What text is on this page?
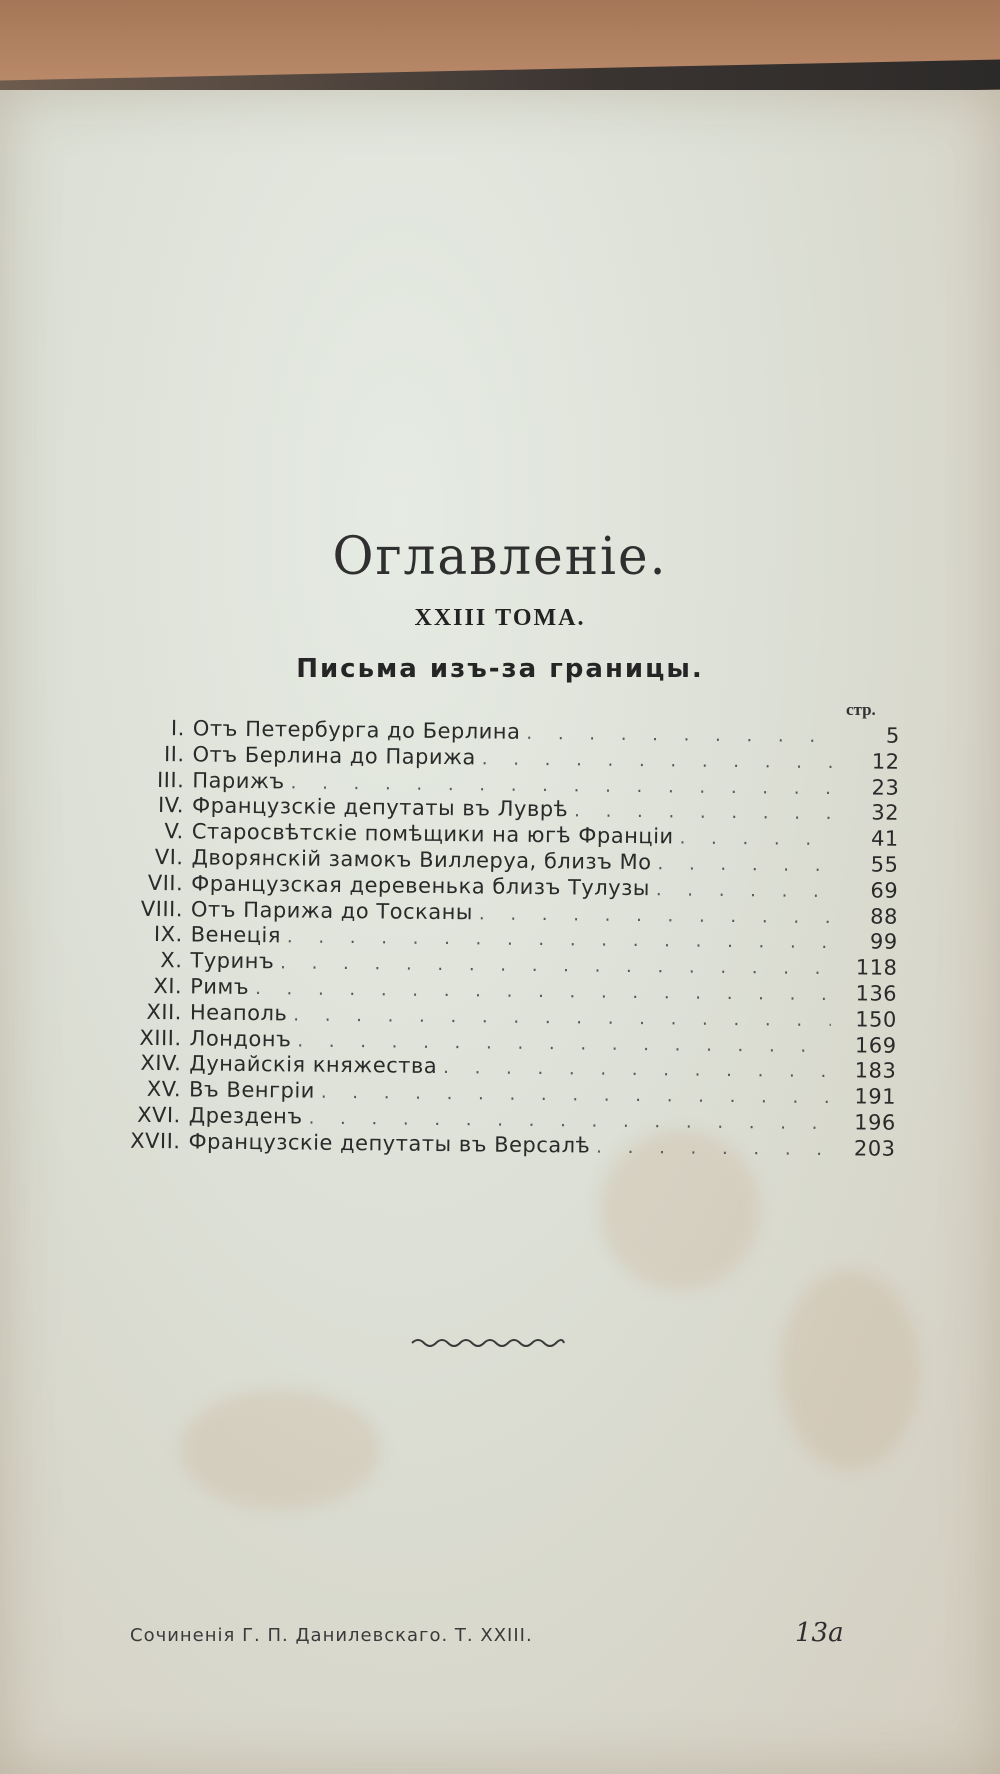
Оглавленіе.
XXIII ТОМА.
Письма изъ-за границы.
стр.
I. Отъ Петербурга до Берлина . . .	5
II. Отъ Берлина до Парижа . . .	12
III. Парижъ . . .	23
IV. Французскіе депутаты въ Луврѣ . . .	32
V. Старосвѣтскіе помѣщики на югѣ Франціи . . .	41
VI. Дворянскій замокъ Виллеруа, близъ Мо . . .	55
VII. Французская деревенька близъ Тулузы . . .	69
VIII. Отъ Парижа до Тосканы . . .	88
IX. Венеція . . .	99
X. Туринъ . . .	118
XI. Римъ . . .	136
XII. Неаполь . . .	150
XIII. Лондонъ . . .	169
XIV. Дунайскія княжества . . .	183
XV. Въ Венгріи . . .	191
XVI. Дрезденъ . . .	196
XVII. Французскіе депутаты въ Версалѣ . . .	203
Сочиненія Г. П. Данилевскаго. Т. XXIII.	13a
